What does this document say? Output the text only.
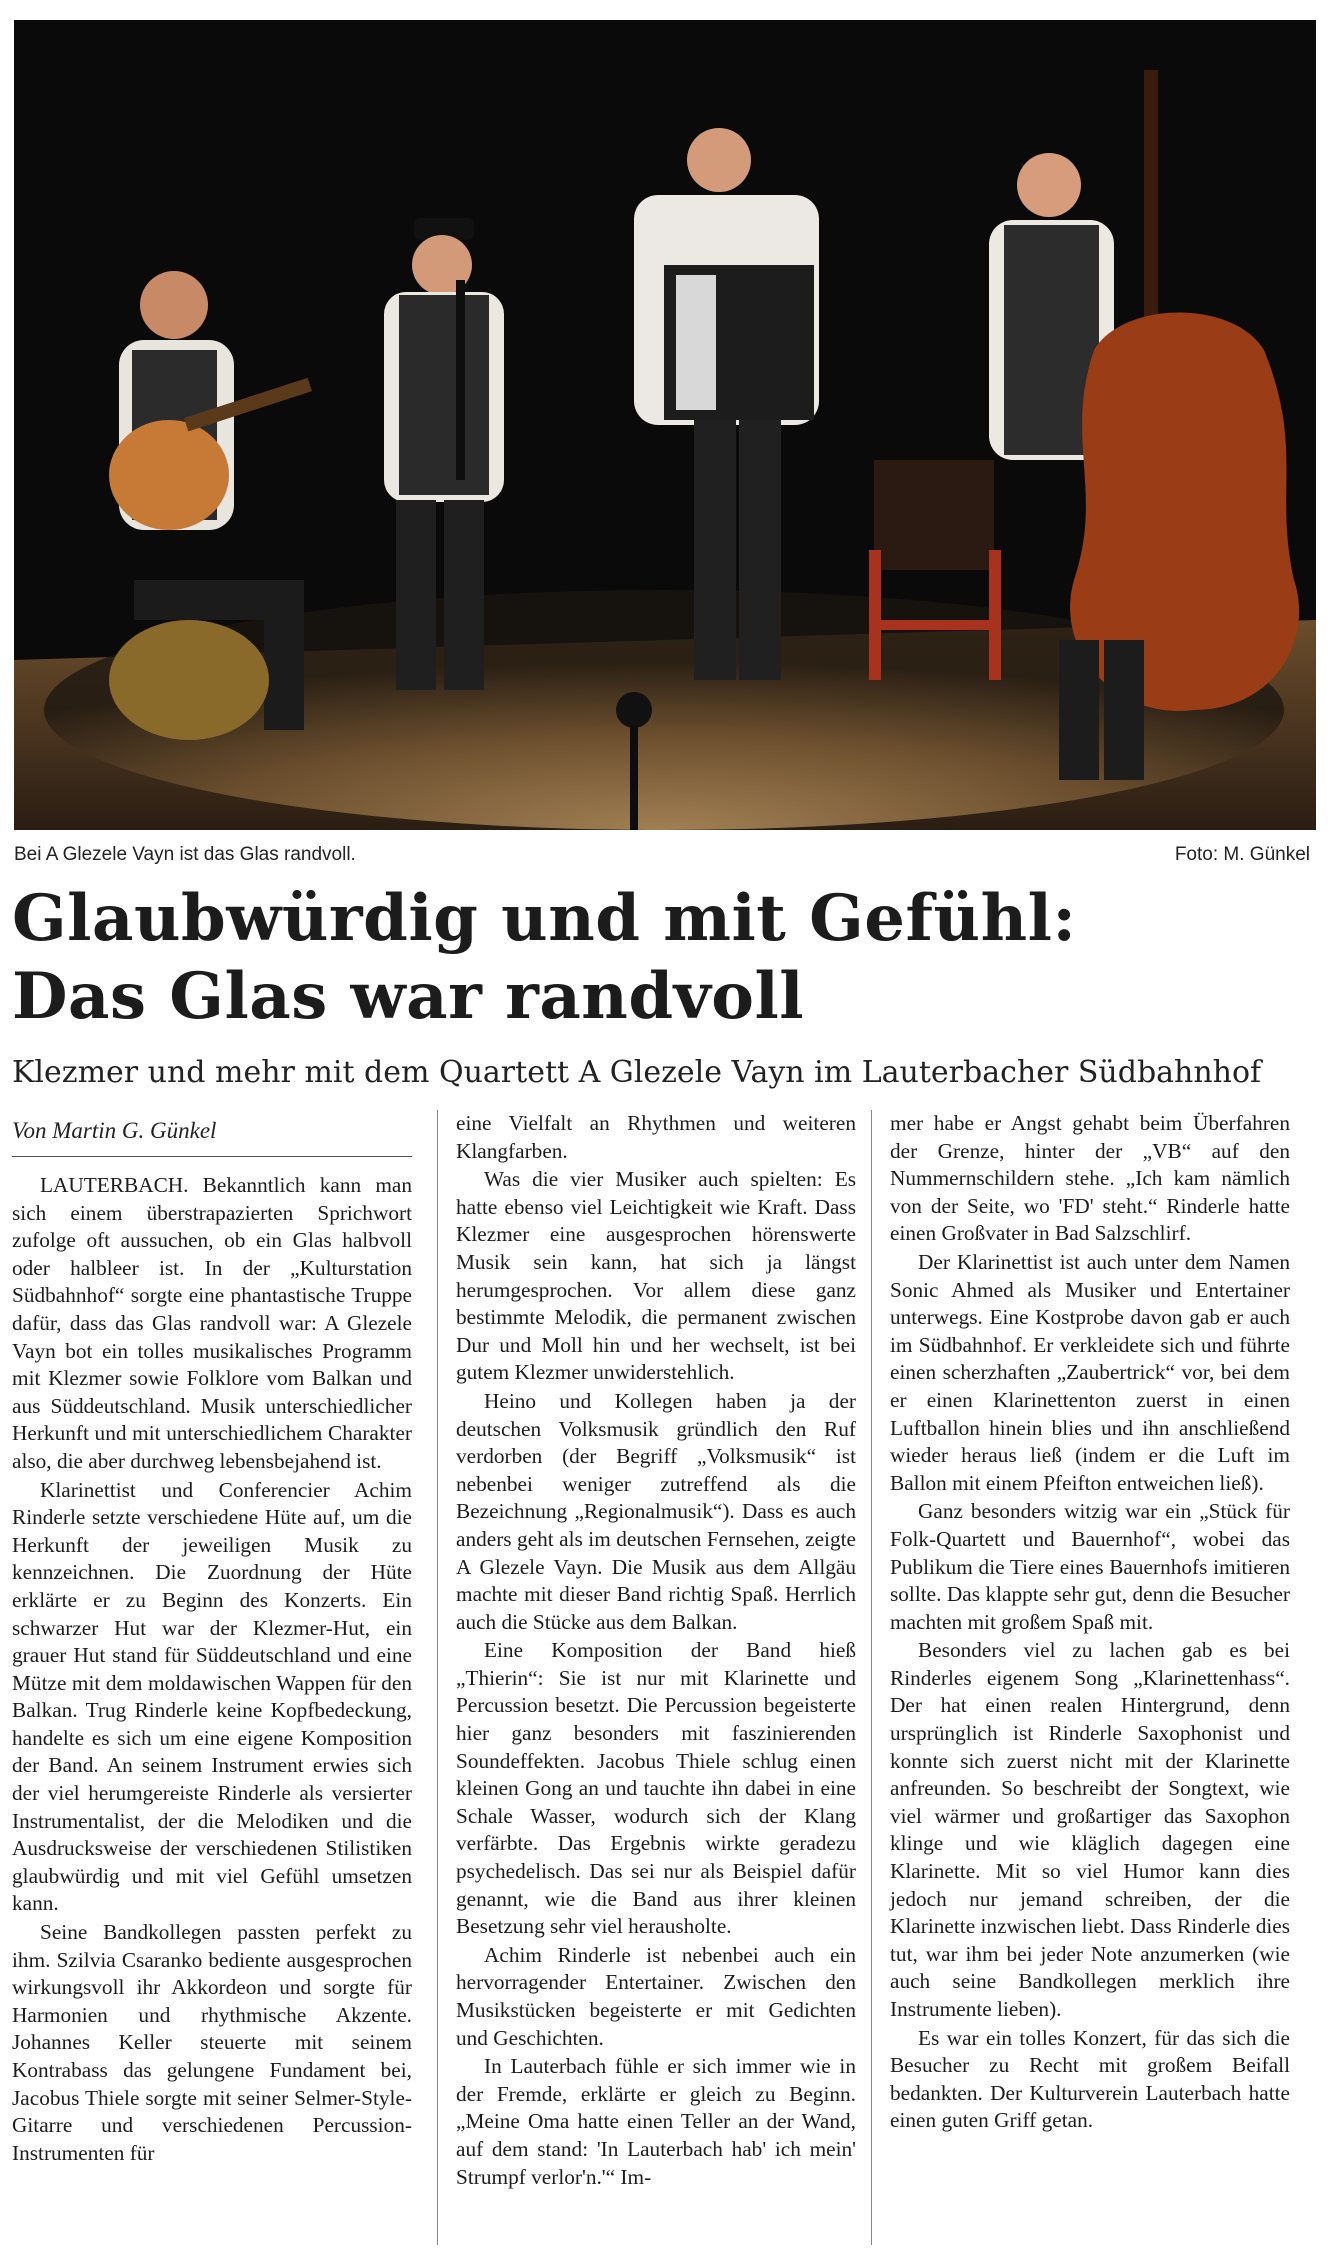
Bei A Glezele Vayn ist das Glas randvoll.	Foto: M. Günkel
Glaubwürdig und mit Gefühl:
Das Glas war randvoll
Klezmer und mehr mit dem Quartett A Glezele Vayn im Lauterbacher Südbahnhof
Von Martin G. Günkel

LAUTERBACH. Bekanntlich kann man sich einem überstrapazierten Sprichwort zufolge oft aussuchen, ob ein Glas halbvoll oder halbleer ist. In der „Kulturstation Südbahnhof“ sorgte eine phantastische Truppe dafür, dass das Glas randvoll war: A Glezele Vayn bot ein tolles musikalisches Programm mit Klezmer sowie Folklore vom Balkan und aus Süddeutschland. Musik unterschiedlicher Herkunft und mit unterschiedlichem Charakter also, die aber durchweg lebensbejahend ist.

Klarinettist und Conferencier Achim Rinderle setzte verschiedene Hüte auf, um die Herkunft der jeweiligen Musik zu kennzeichnen. Die Zuordnung der Hüte erklärte er zu Beginn des Konzerts. Ein schwarzer Hut war der Klezmer-Hut, ein grauer Hut stand für Süddeutschland und eine Mütze mit dem moldawischen Wappen für den Balkan. Trug Rinderle keine Kopfbedeckung, handelte es sich um eine eigene Komposition der Band. An seinem Instrument erwies sich der viel herumgereiste Rinderle als versierter Instrumentalist, der die Melodiken und die Ausdrucksweise der verschiedenen Stilistiken glaubwürdig und mit viel Gefühl umsetzen kann.

Seine Bandkollegen passten perfekt zu ihm. Szilvia Csaranko bediente ausgesprochen wirkungsvoll ihr Akkordeon und sorgte für Harmonien und rhythmische Akzente. Johannes Keller steuerte mit seinem Kontrabass das gelungene Fundament bei, Jacobus Thiele sorgte mit seiner Selmer-Style-Gitarre und verschiedenen Percussion-Instrumenten für

eine Vielfalt an Rhythmen und weiteren Klangfarben.

Was die vier Musiker auch spielten: Es hatte ebenso viel Leichtigkeit wie Kraft. Dass Klezmer eine ausgesprochen hörenswerte Musik sein kann, hat sich ja längst herumgesprochen. Vor allem diese ganz bestimmte Melodik, die permanent zwischen Dur und Moll hin und her wechselt, ist bei gutem Klezmer unwiderstehlich.

Heino und Kollegen haben ja der deutschen Volksmusik gründlich den Ruf verdorben (der Begriff „Volksmusik“ ist nebenbei weniger zutreffend als die Bezeichnung „Regionalmusik“). Dass es auch anders geht als im deutschen Fernsehen, zeigte A Glezele Vayn. Die Musik aus dem Allgäu machte mit dieser Band richtig Spaß. Herrlich auch die Stücke aus dem Balkan.

Eine Komposition der Band hieß „Thierin“: Sie ist nur mit Klarinette und Percussion besetzt. Die Percussion begeisterte hier ganz besonders mit faszinierenden Soundeffekten. Jacobus Thiele schlug einen kleinen Gong an und tauchte ihn dabei in eine Schale Wasser, wodurch sich der Klang verfärbte. Das Ergebnis wirkte geradezu psychedelisch. Das sei nur als Beispiel dafür genannt, wie die Band aus ihrer kleinen Besetzung sehr viel herausholte.

Achim Rinderle ist nebenbei auch ein hervorragender Entertainer. Zwischen den Musikstücken begeisterte er mit Gedichten und Geschichten.

In Lauterbach fühle er sich immer wie in der Fremde, erklärte er gleich zu Beginn. „Meine Oma hatte einen Teller an der Wand, auf dem stand: 'In Lauterbach hab' ich mein' Strumpf verlor'n.'“ Im-

mer habe er Angst gehabt beim Überfahren der Grenze, hinter der „VB“ auf den Nummernschildern stehe. „Ich kam nämlich von der Seite, wo 'FD' steht.“ Rinderle hatte einen Großvater in Bad Salzschlirf.

Der Klarinettist ist auch unter dem Namen Sonic Ahmed als Musiker und Entertainer unterwegs. Eine Kostprobe davon gab er auch im Südbahnhof. Er verkleidete sich und führte einen scherzhaften „Zaubertrick“ vor, bei dem er einen Klarinettenton zuerst in einen Luftballon hinein blies und ihn anschließend wieder heraus ließ (indem er die Luft im Ballon mit einem Pfeifton entweichen ließ).

Ganz besonders witzig war ein „Stück für Folk-Quartett und Bauernhof“, wobei das Publikum die Tiere eines Bauernhofs imitieren sollte. Das klappte sehr gut, denn die Besucher machten mit großem Spaß mit.

Besonders viel zu lachen gab es bei Rinderles eigenem Song „Klarinettenhass“. Der hat einen realen Hintergrund, denn ursprünglich ist Rinderle Saxophonist und konnte sich zuerst nicht mit der Klarinette anfreunden. So beschreibt der Songtext, wie viel wärmer und großartiger das Saxophon klinge und wie kläglich dagegen eine Klarinette. Mit so viel Humor kann dies jedoch nur jemand schreiben, der die Klarinette inzwischen liebt. Dass Rinderle dies tut, war ihm bei jeder Note anzumerken (wie auch seine Bandkollegen merklich ihre Instrumente lieben).

Es war ein tolles Konzert, für das sich die Besucher zu Recht mit großem Beifall bedankten. Der Kulturverein Lauterbach hatte einen guten Griff getan.
